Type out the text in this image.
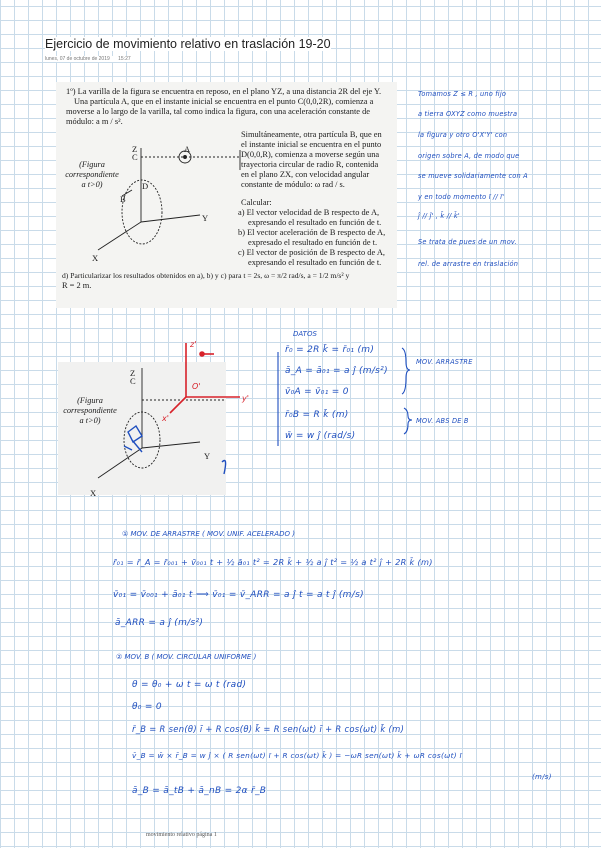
Ejercicio de movimiento relativo en traslación 19-20
lunes, 07 de octubre de 2019 15:27
1º) La varilla de la figura se encuentra en reposo, en el plano YZ, a una distancia 2R del eje Y.
Una partícula A, que en el instante inicial se encuentra en el punto C(0,0,2R), comienza a
moverse a lo largo de la varilla, tal como indica la figura, con una aceleración constante de
módulo: a m / s².
Simultáneamente, otra partícula B, que en
el instante inicial se encuentra en el punto
D(0,0,R), comienza a moverse según una
trayectoria circular de radio R, contenida
en el plano ZX, con velocidad angular
constante de módulo: ω rad / s.
Calcular:
a) El vector velocidad de B respecto de A,
expresando el resultado en función de t.
b) El vector aceleración de B respecto de A,
expresado el resultado en función de t.
c) El vector de posición de B respecto de A,
expresando el resultado en función de t.
d) Particularizar los resultados obtenidos en a), b) y c) para t = 2s, ω = π/2 rad/s, a = 1/2 m/s² y
R = 2 m.
(Figura
correspondiente
a t>0)
Z
C
D
B
Y
X
A
(Figura
correspondiente
a t>0)
Z
C
Y
X
z'
y'
x'
O'
Tomamos Z ≤ R , uno fijo
a tierra OXYZ como muestra
la figura y otro O'X'Y' con
origen sobre A, de modo que
se mueve solidariamente con A
y en todo momento ī // ī'
ĵ // ĵ' , k̄ // k̄'
Se trata de pues de un mov.
rel. de arrastre en traslación
DATOS
r̄₀ = 2R k̄ = r̄₀₁ (m)
ā_A = ā₀₁ = a ĵ (m/s²)
v̄₀A = v̄₀₁ = 0
r̄₀B = R k̄ (m)
w̄ = w ĵ (rad/s)
MOV. ARRASTRE
MOV. ABS DE B
① MOV. DE ARRASTRE ( MOV. UNIF. ACELERADO )
r̄₀₁ = r̄_A = r̄₀₀₁ + v̄₀₀₁ t + ½ ā₀₁ t² = 2R k̄ + ½ a ĵ t² = ½ a t² ĵ + 2R k̄ (m)
v̄₀₁ = v̄₀₀₁ + ā₀₁ t ⟹ v̄₀₁ = v̄_ARR = a ĵ t = a t ĵ (m/s)
ā_ARR = a ĵ (m/s²)
② MOV. B ( MOV. CIRCULAR UNIFORME )
θ = θ₀ + ω t = ω t (rad)
θ₀ = 0
r̄_B = R sen(θ) ī + R cos(θ) k̄ = R sen(ωt) ī + R cos(ωt) k̄ (m)
v̄_B = w̄ × r̄_B = w ĵ × ( R sen(ωt) ī + R cos(ωt) k̄ ) = −ωR sen(ωt) k̄ + ωR cos(ωt) ī
(m/s)
ā_B = ā_tB + ā_nB = 2α r̄_B
movimiento relativo página 1
